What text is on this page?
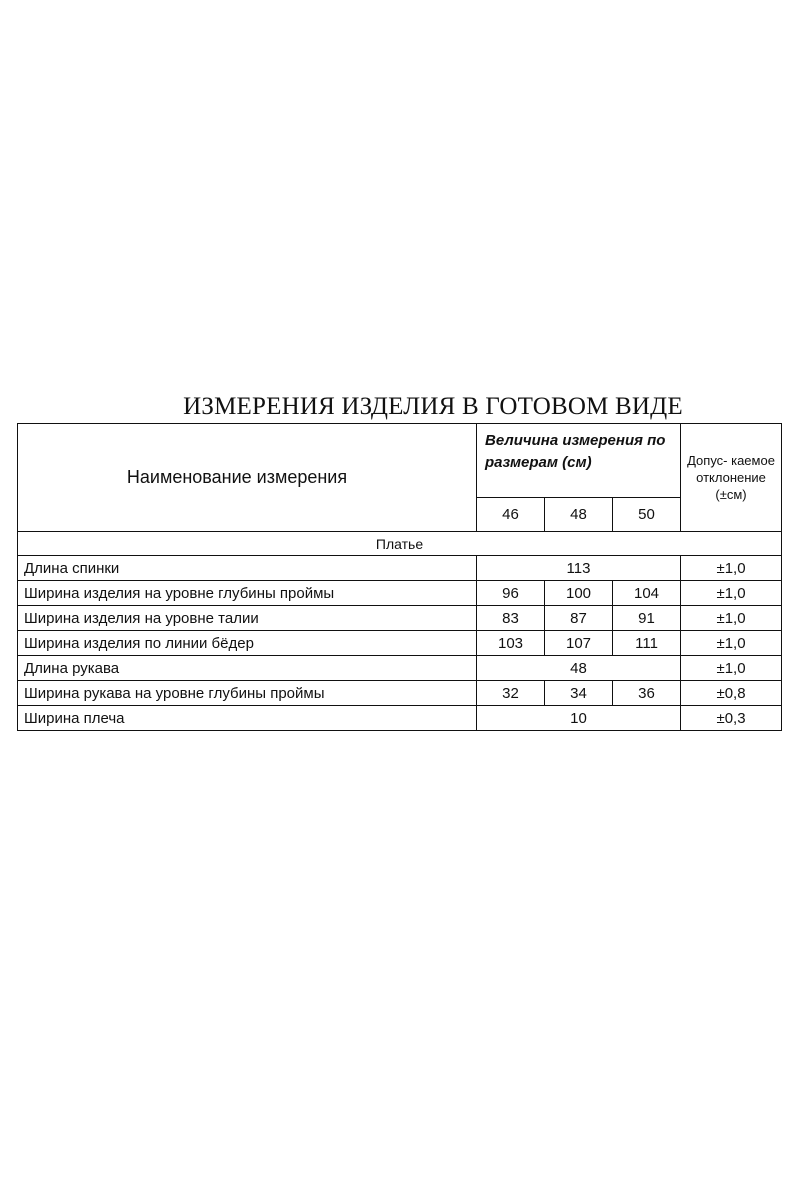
ИЗМЕРЕНИЯ ИЗДЕЛИЯ В ГОТОВОМ ВИДЕ
Наименование измерения	Величина измерения по размерам (см)			Допус- каемое отклонение (±см)
	46	48	50	
Платье				
Длина спинки	113			±1,0
Ширина изделия на уровне глубины проймы	96	100	104	±1,0
Ширина изделия на уровне талии	83	87	91	±1,0
Ширина изделия по линии бёдер	103	107	111	±1,0
Длина рукава	48			±1,0
Ширина рукава на уровне глубины проймы	32	34	36	±0,8
Ширина плеча	10			±0,3
